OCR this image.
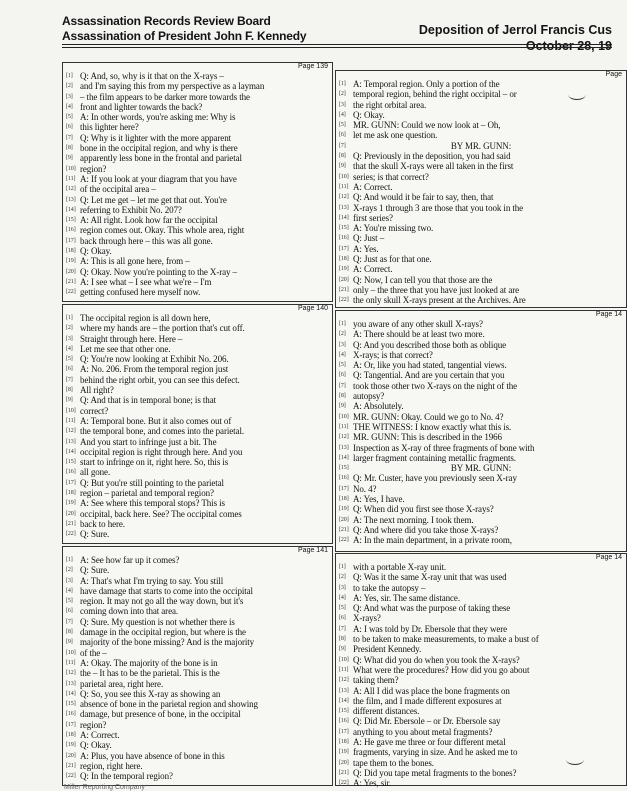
Assassination Records Review Board
Assassination of President John F. Kennedy	Deposition of Jerrol Francis Cus
October 28, 19
Page 139
[1] Q: And, so, why is it that on the X-rays –
[2] and I'm saying this from my perspective as a layman
[3] – the film appears to be darker more towards the
[4] front and lighter towards the back?
[5] A: In other words, you're asking me: Why is
[6] this lighter here?
[7] Q: Why is it lighter with the more apparent
[8] bone in the occipital region, and why is there
[9] apparently less bone in the frontal and parietal
[10] region?
[11] A: If you look at your diagram that you have
[12] of the occipital area –
[13] Q: Let me get – let me get that out. You're
[14] referring to Exhibit No. 207?
[15] A: All right. Look how far the occipital
[16] region comes out. Okay. This whole area, right
[17] back through here – this was all gone.
[18] Q: Okay.
[19] A: This is all gone here, from –
[20] Q: Okay. Now you're pointing to the X-ray –
[21] A: I see what – I see what we're – I'm
[22] getting confused here myself now.
Page
[1] A: Temporal region. Only a portion of the
[2] temporal region, behind the right occipital – or
[3] the right orbital area.
[4] Q: Okay.
[5] MR. GUNN: Could we now look at – Oh,
[6] let me ask one question.
[7]	BY MR. GUNN:
[8] Q: Previously in the deposition, you had said
[9] that the skull X-rays were all taken in the first
[10] series; is that correct?
[11] A: Correct.
[12] Q: And would it be fair to say, then, that
[13] X-rays 1 through 3 are those that you took in the
[14] first series?
[15] A: You're missing two.
[16] Q: Just –
[17] A: Yes.
[18] Q: Just as for that one.
[19] A: Correct.
[20] Q: Now, I can tell you that those are the
[21] only – the three that you have just looked at are
[22] the only skull X-rays present at the Archives. Are
Page 140
[1] The occipital region is all down here,
[2] where my hands are – the portion that's cut off.
[3] Straight through here. Here –
[4] Let me see that other one.
[5] Q: You're now looking at Exhibit No. 206.
[6] A: No. 206. From the temporal region just
[7] behind the right orbit, you can see this defect.
[8] All right?
[9] Q: And that is in temporal bone; is that
[10] correct?
[11] A: Temporal bone. But it also comes out of
[12] the temporal bone, and comes into the parietal.
[13] And you start to infringe just a bit. The
[14] occipital region is right through here. And you
[15] start to infringe on it, right here. So, this is
[16] all gone.
[17] Q: But you're still pointing to the parietal
[18] region – parietal and temporal region?
[19] A: See where this temporal stops? This is
[20] occipital, back here. See? The occipital comes
[21] back to here.
[22] Q: Sure.
Page 14
[1] you aware of any other skull X-rays?
[2] A: There should be at least two more.
[3] Q: And you described those both as oblique
[4] X-rays; is that correct?
[5] A: Or, like you had stated, tangential views.
[6] Q: Tangential. And are you certain that you
[7] took those other two X-rays on the night of the
[8] autopsy?
[9] A: Absolutely.
[10] MR. GUNN: Okay. Could we go to No. 4?
[11] THE WITNESS: I know exactly what this is.
[12] MR. GUNN: This is described in the 1966
[13] Inspection as X-ray of three fragments of bone with
[14] larger fragment containing metallic fragments.
[15]	BY MR. GUNN:
[16] Q: Mr. Custer, have you previously seen X-ray
[17] No. 4?
[18] A: Yes, I have.
[19] Q: When did you first see those X-rays?
[20] A: The next morning. I took them.
[21] Q: And where did you take those X-rays?
[22] A: In the main department, in a private room,
Page 141
[1] A: See how far up it comes?
[2] Q: Sure.
[3] A: That's what I'm trying to say. You still
[4] have damage that starts to come into the occipital
[5] region. It may not go all the way down, but it's
[6] coming down into that area.
[7] Q: Sure. My question is not whether there is
[8] damage in the occipital region, but where is the
[9] majority of the bone missing? And is the majority
[10] of the –
[11] A: Okay. The majority of the bone is in
[12] the – It has to be the parietal. This is the
[13] parietal area, right here.
[14] Q: So, you see this X-ray as showing an
[15] absence of bone in the parietal region and showing
[16] damage, but presence of bone, in the occipital
[17] region?
[18] A: Correct.
[19] Q: Okay.
[20] A: Plus, you have absence of bone in this
[21] region, right here.
[22] Q: In the temporal region?
Page 14
[1] with a portable X-ray unit.
[2] Q: Was it the same X-ray unit that was used
[3] to take the autopsy –
[4] A: Yes, sir. The same distance.
[5] Q: And what was the purpose of taking these
[6] X-rays?
[7] A: I was told by Dr. Ebersole that they were
[8] to be taken to make measurements, to make a bust of
[9] President Kennedy.
[10] Q: What did you do when you took the X-rays?
[11] What were the procedures? How did you go about
[12] taking them?
[13] A: All I did was place the bone fragments on
[14] the film, and I made different exposures at
[15] different distances.
[16] Q: Did Mr. Ebersole – or Dr. Ebersole say
[17] anything to you about metal fragments?
[18] A: He gave me three or four different metal
[19] fragments, varying in size. And he asked me to
[20] tape them to the bones.
[21] Q: Did you tape metal fragments to the bones?
[22] A: Yes, sir.
Miller Reporting Company
